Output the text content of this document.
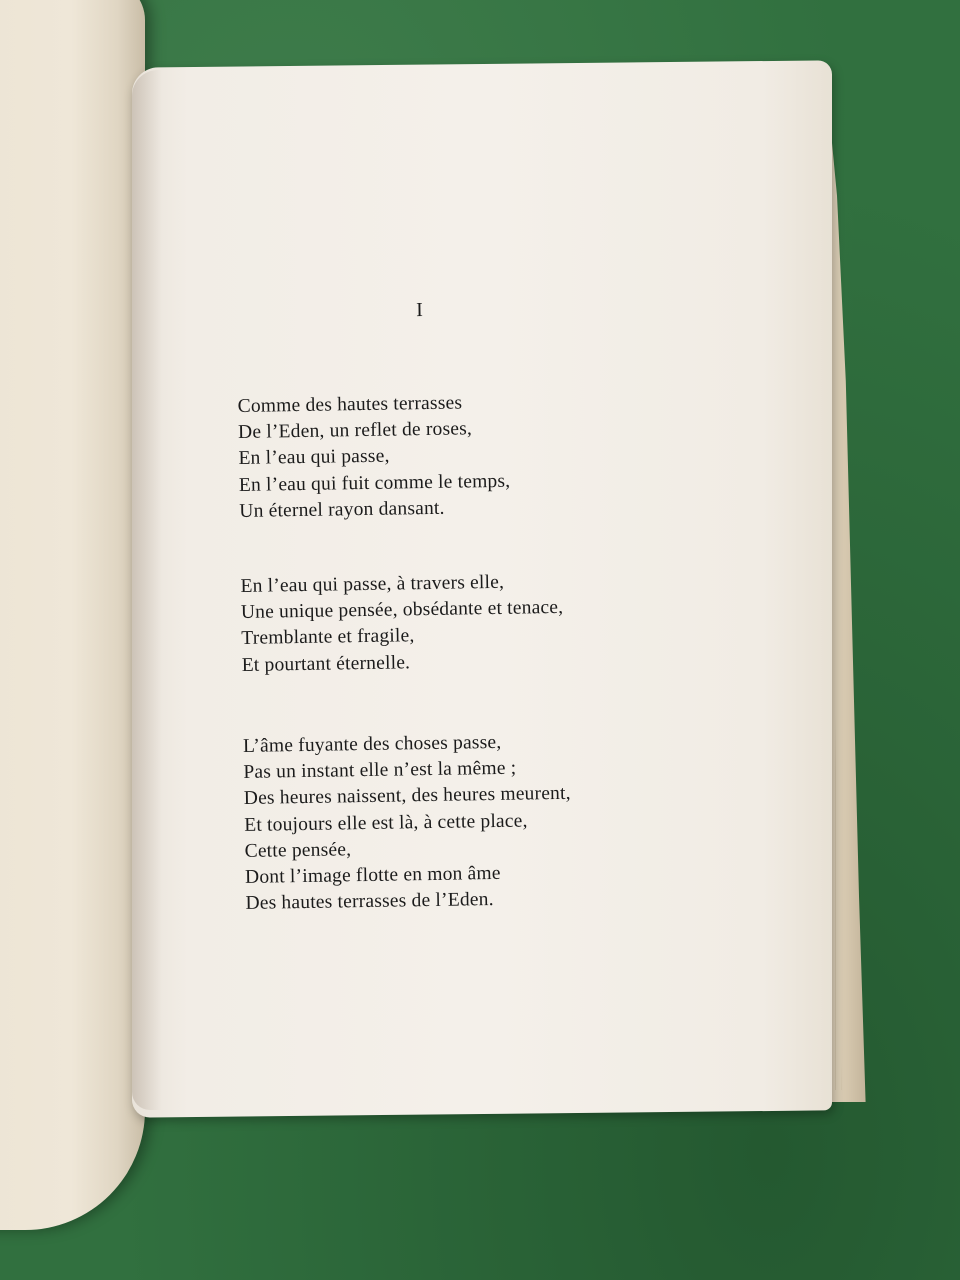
I
Comme des hautes terrasses
De l’Eden, un reflet de roses,
En l’eau qui passe,
En l’eau qui fuit comme le temps,
Un éternel rayon dansant.
En l’eau qui passe, à travers elle,
Une unique pensée, obsédante et tenace,
Tremblante et fragile,
Et pourtant éternelle.
L’âme fuyante des choses passe,
Pas un instant elle n’est la même ;
Des heures naissent, des heures meurent,
Et toujours elle est là, à cette place,
Cette pensée,
Dont l’image flotte en mon âme
Des hautes terrasses de l’Eden.
